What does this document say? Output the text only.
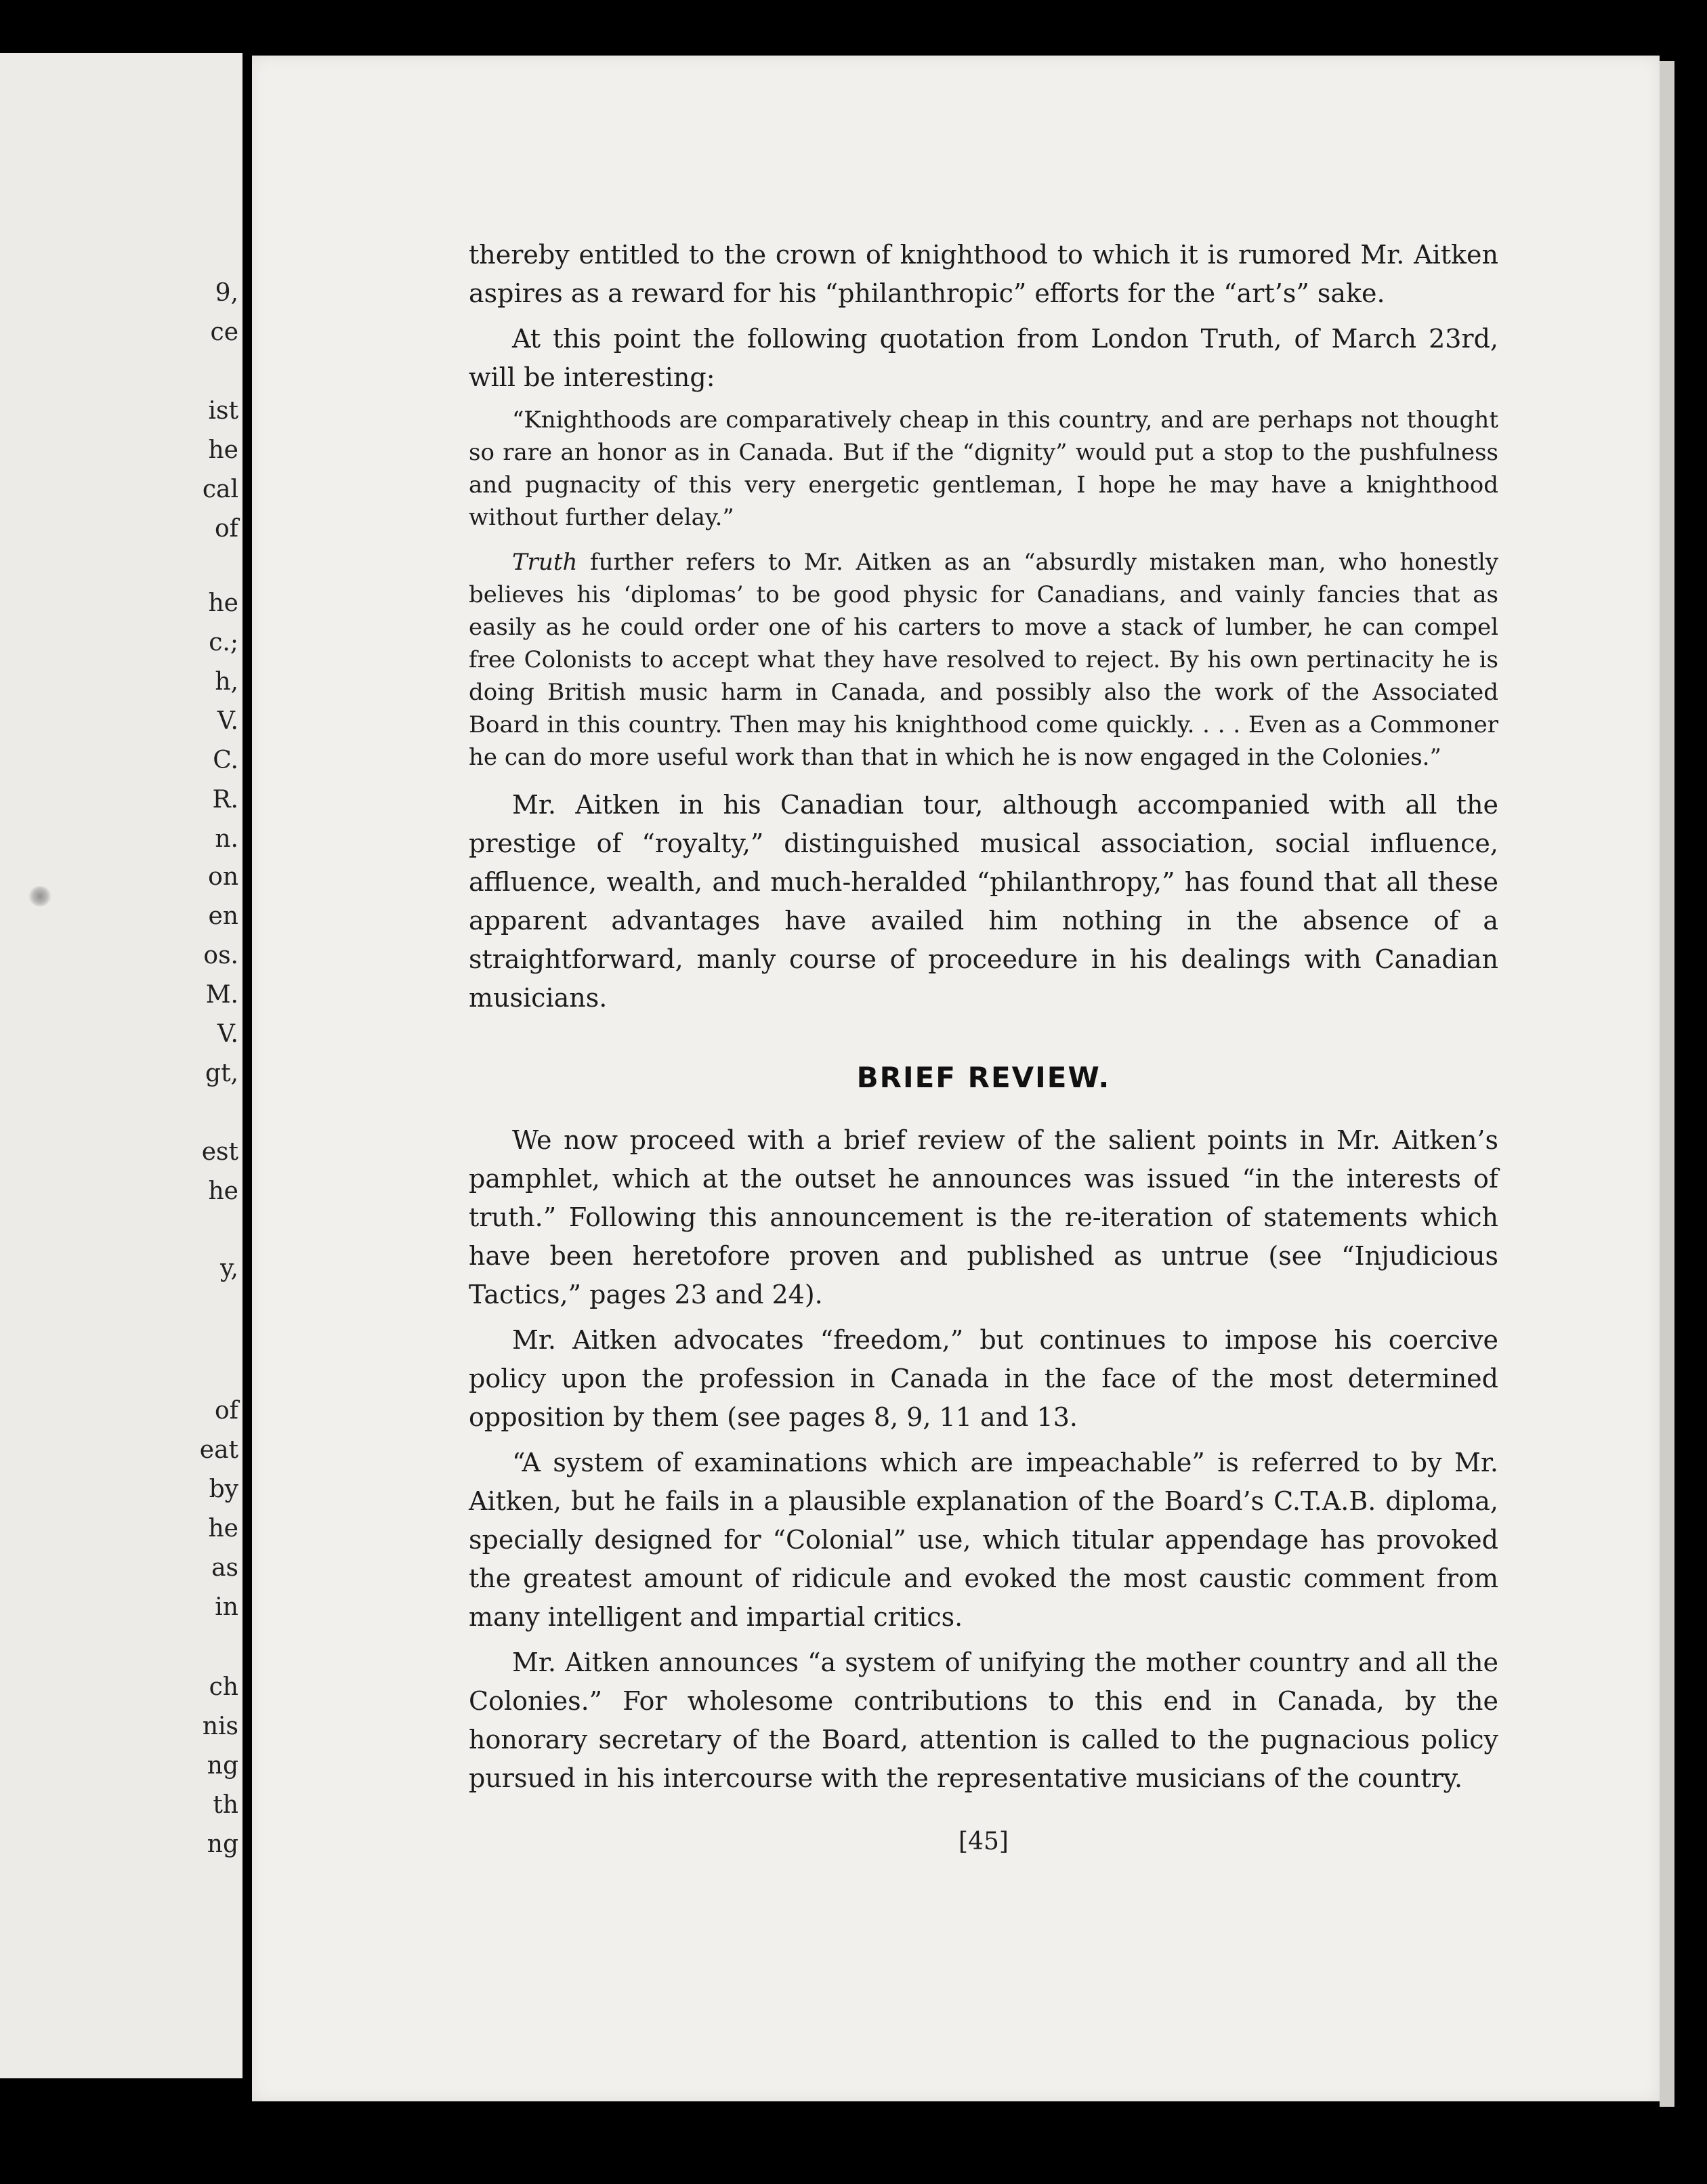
9,
ce
ist
he
cal
of
he
c.;
h,
V.
C.
R.
n.
on
en
os.
M.
V.
gt,
est
he
y,
of
eat
by
he
as
in
ch
nis
ng
th
ng

thereby entitled to the crown of knighthood to which it is rumored Mr. Aitken aspires as a reward for his “philanthropic” efforts for the “art’s” sake.

At this point the following quotation from London Truth, of March 23rd, will be interesting:

“Knighthoods are comparatively cheap in this country, and are perhaps not thought so rare an honor as in Canada. But if the “dignity” would put a stop to the pushfulness and pugnacity of this very energetic gentleman, I hope he may have a knighthood without further delay.”

Truth further refers to Mr. Aitken as an “absurdly mistaken man, who honestly believes his ‘diplomas’ to be good physic for Canadians, and vainly fancies that as easily as he could order one of his carters to move a stack of lumber, he can compel free Colonists to accept what they have resolved to reject. By his own pertinacity he is doing British music harm in Canada, and possibly also the work of the Associated Board in this country. Then may his knighthood come quickly. . . . Even as a Commoner he can do more useful work than that in which he is now engaged in the Colonies.”

Mr. Aitken in his Canadian tour, although accompanied with all the prestige of “royalty,” distinguished musical association, social influence, affluence, wealth, and much-heralded “philanthropy,” has found that all these apparent advantages have availed him nothing in the absence of a straightforward, manly course of proceedure in his dealings with Canadian musicians.

BRIEF REVIEW.

We now proceed with a brief review of the salient points in Mr. Aitken’s pamphlet, which at the outset he announces was issued “in the interests of truth.” Following this announcement is the re-iteration of statements which have been heretofore proven and published as untrue (see “Injudicious Tactics,” pages 23 and 24).

Mr. Aitken advocates “freedom,” but continues to impose his coercive policy upon the profession in Canada in the face of the most determined opposition by them (see pages 8, 9, 11 and 13.

“A system of examinations which are impeachable” is referred to by Mr. Aitken, but he fails in a plausible explanation of the Board’s C.T.A.B. diploma, specially designed for “Colonial” use, which titular appendage has provoked the greatest amount of ridicule and evoked the most caustic comment from many intelligent and impartial critics.

Mr. Aitken announces “a system of unifying the mother country and all the Colonies.” For wholesome contributions to this end in Canada, by the honorary secretary of the Board, attention is called to the pugnacious policy pursued in his intercourse with the representative musicians of the country.

[45]
